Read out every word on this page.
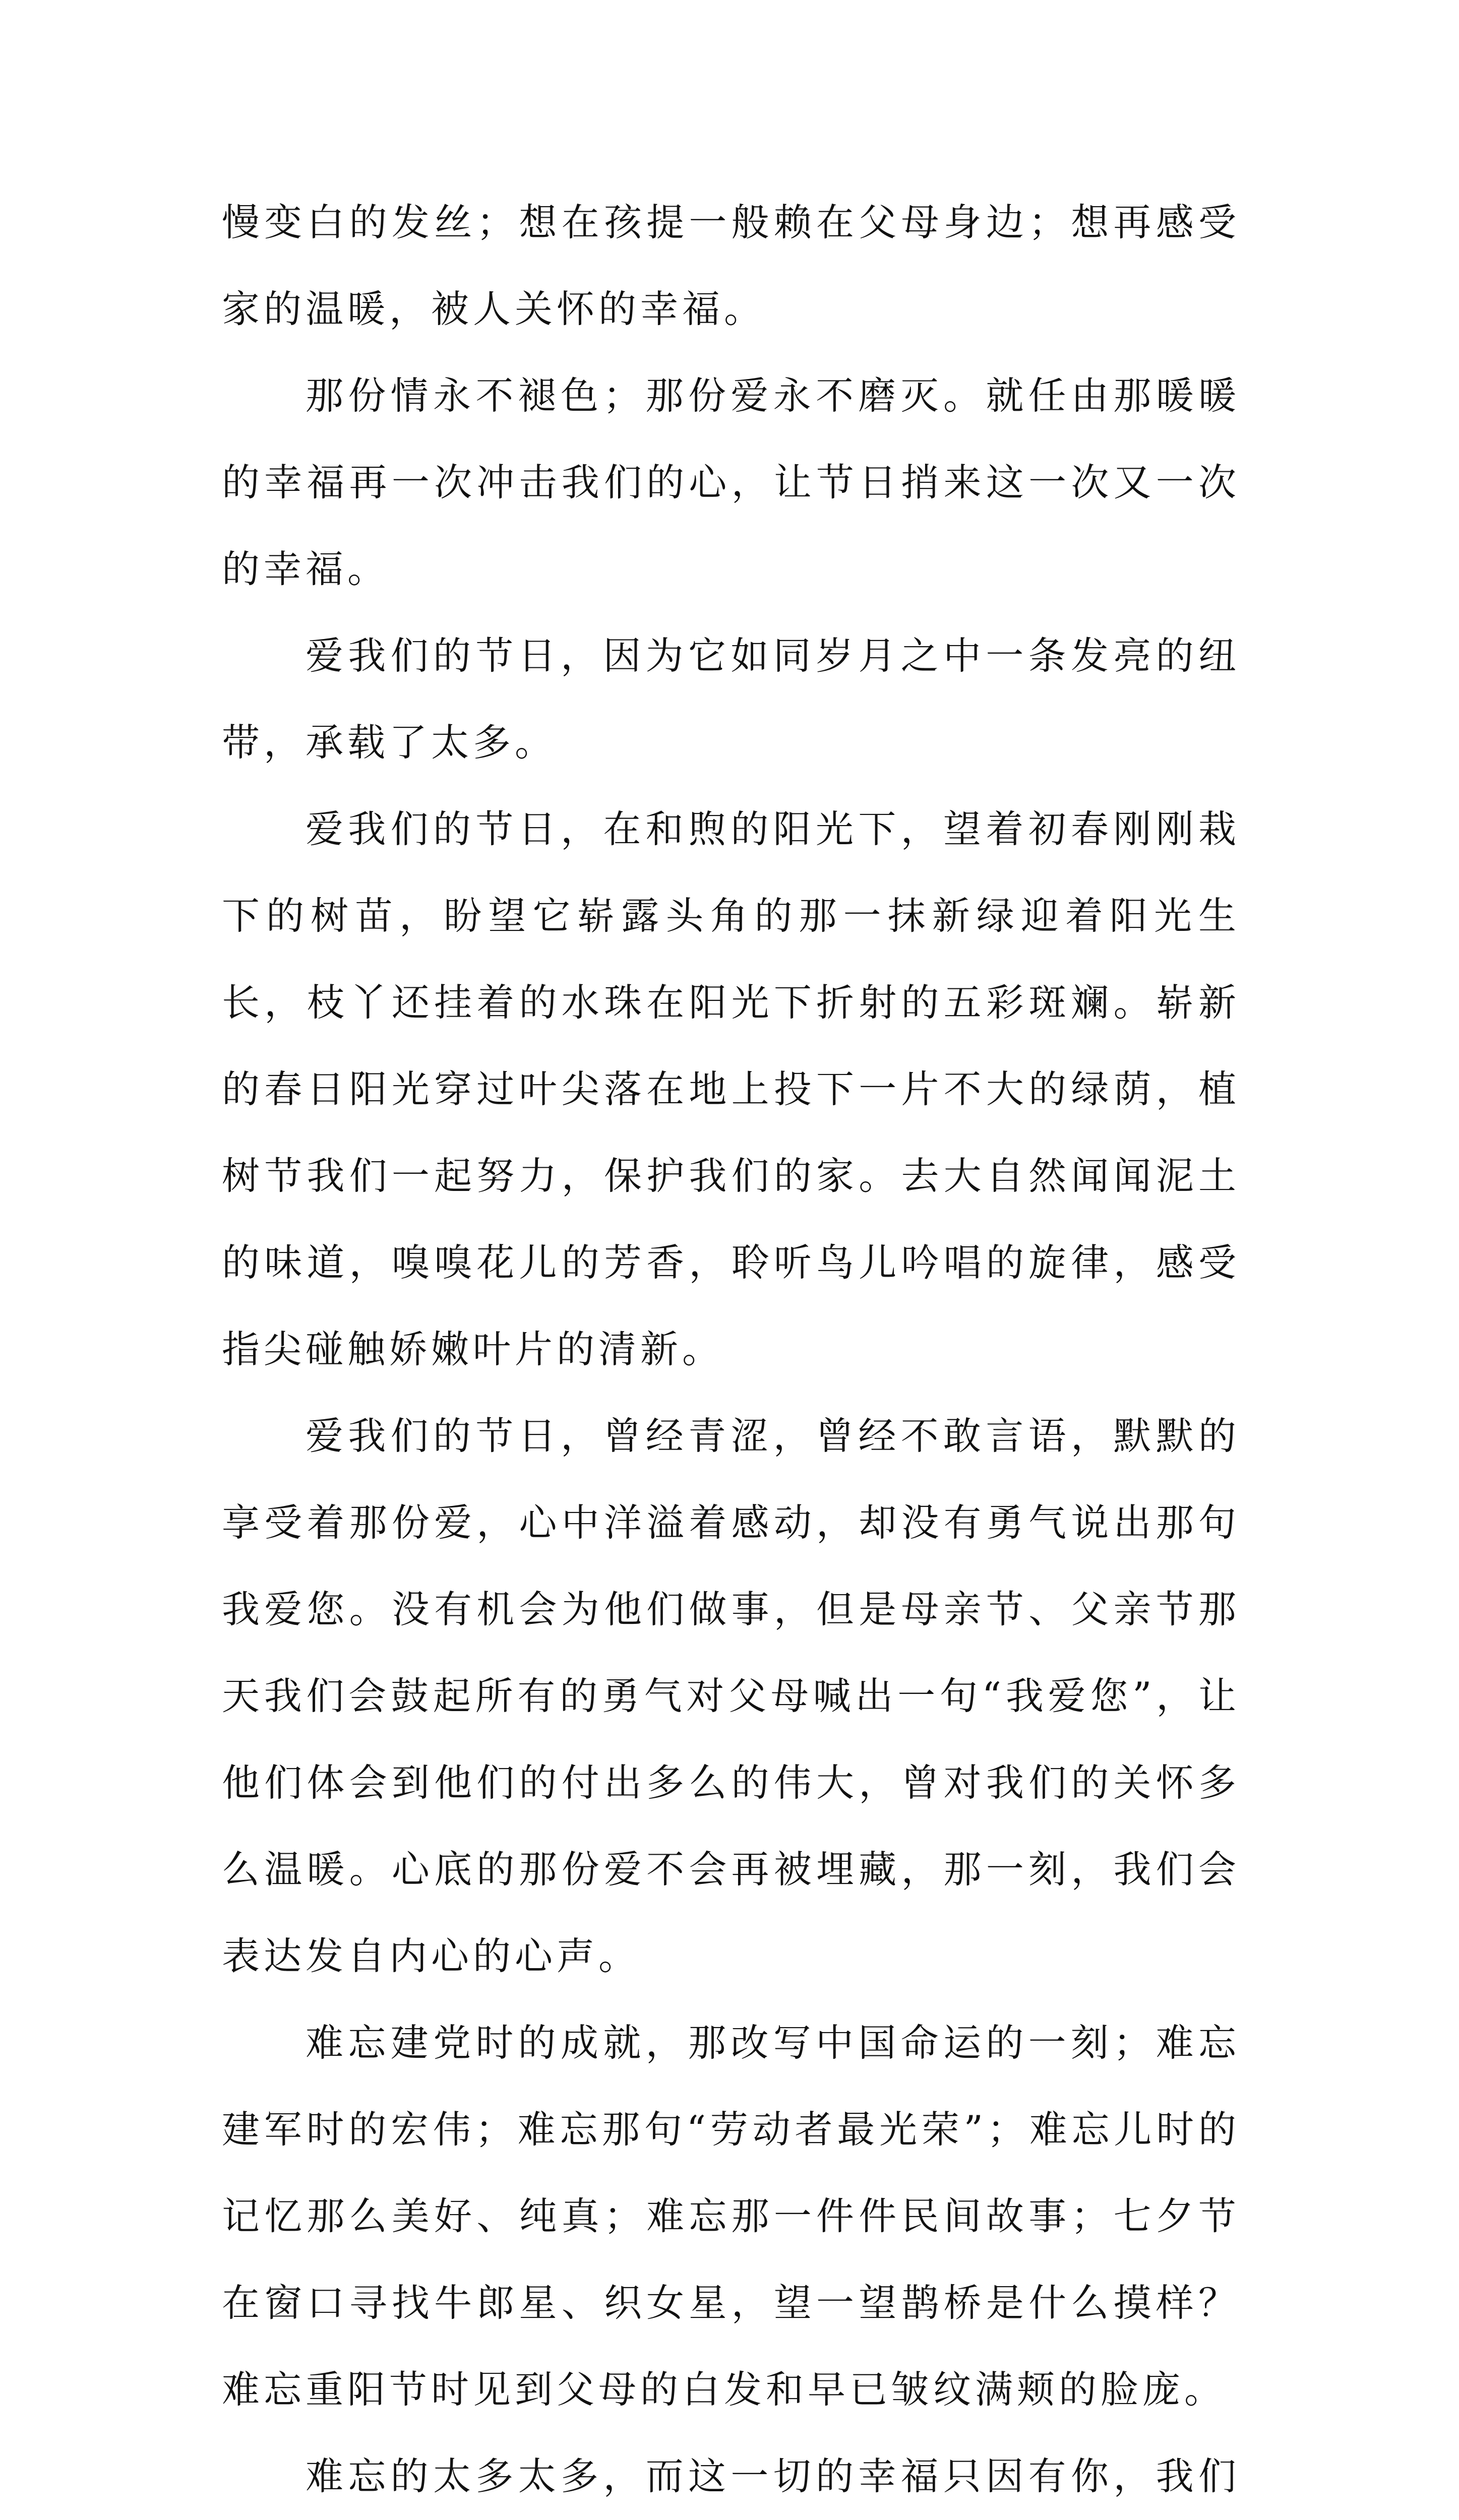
慢变白的发丝；想在孩提一般赖在父母身边；想再感受家的温暖，被人关怀的幸福。

那份情永不褪色；那份爱永不磨灭。就任由那暖暖的幸福再一次冲击我们的心，让节日捎来这一次又一次的幸福。

爱我们的节日，因为它如同岁月之中一条发亮的纽带，承载了太多。

爱我们的节日，在和煦的阳光下，望着初春刚刚栽下的树苗，盼望它崭露头角的那一抹新绿迎着阳光生长，枝丫还挂着的水珠在阳光下折射的五彩斑斓。崭新的春日阳光穿过叶尖落在地上投下一片不大的绿荫，植树节我们一起努力，保护我们的家。去大自然闻闻泥土的味道，嗅嗅花儿的芳香，聆听鸟儿吟唱的旋律，感受指尖碰触娇嫩叶片的清新。

爱我们的节日，曾经青涩，曾经不敢言语，默默的享受着那份爱，心中洋溢着感动，却没有勇气说出那句我爱您。没有机会为他们做事，但是母亲节、父亲节那天我们会鼓起所有的勇气对父母喊出一句“我爱您”，让他们体会到他们的付出多么的伟大，曾对我们的关怀多么温暖。心底的那份爱不会再被埋藏，那一刻，我们会表达发自内心的心声。

难忘建党时的成就，那改写中国命运的一刻；难忘建军时的宏伟；难忘那句“劳动者最光荣”；难忘儿时的记忆那么美好、纯真；难忘那一件件民间故事；七夕节在窗口寻找牛郎星、织女星，望一望鹊桥是什么摸样？难忘重阳节时见到父母的白发和早已皱纹满颊的脸庞。

难忘的太多太多，而这一切的幸福只因有你，我们
